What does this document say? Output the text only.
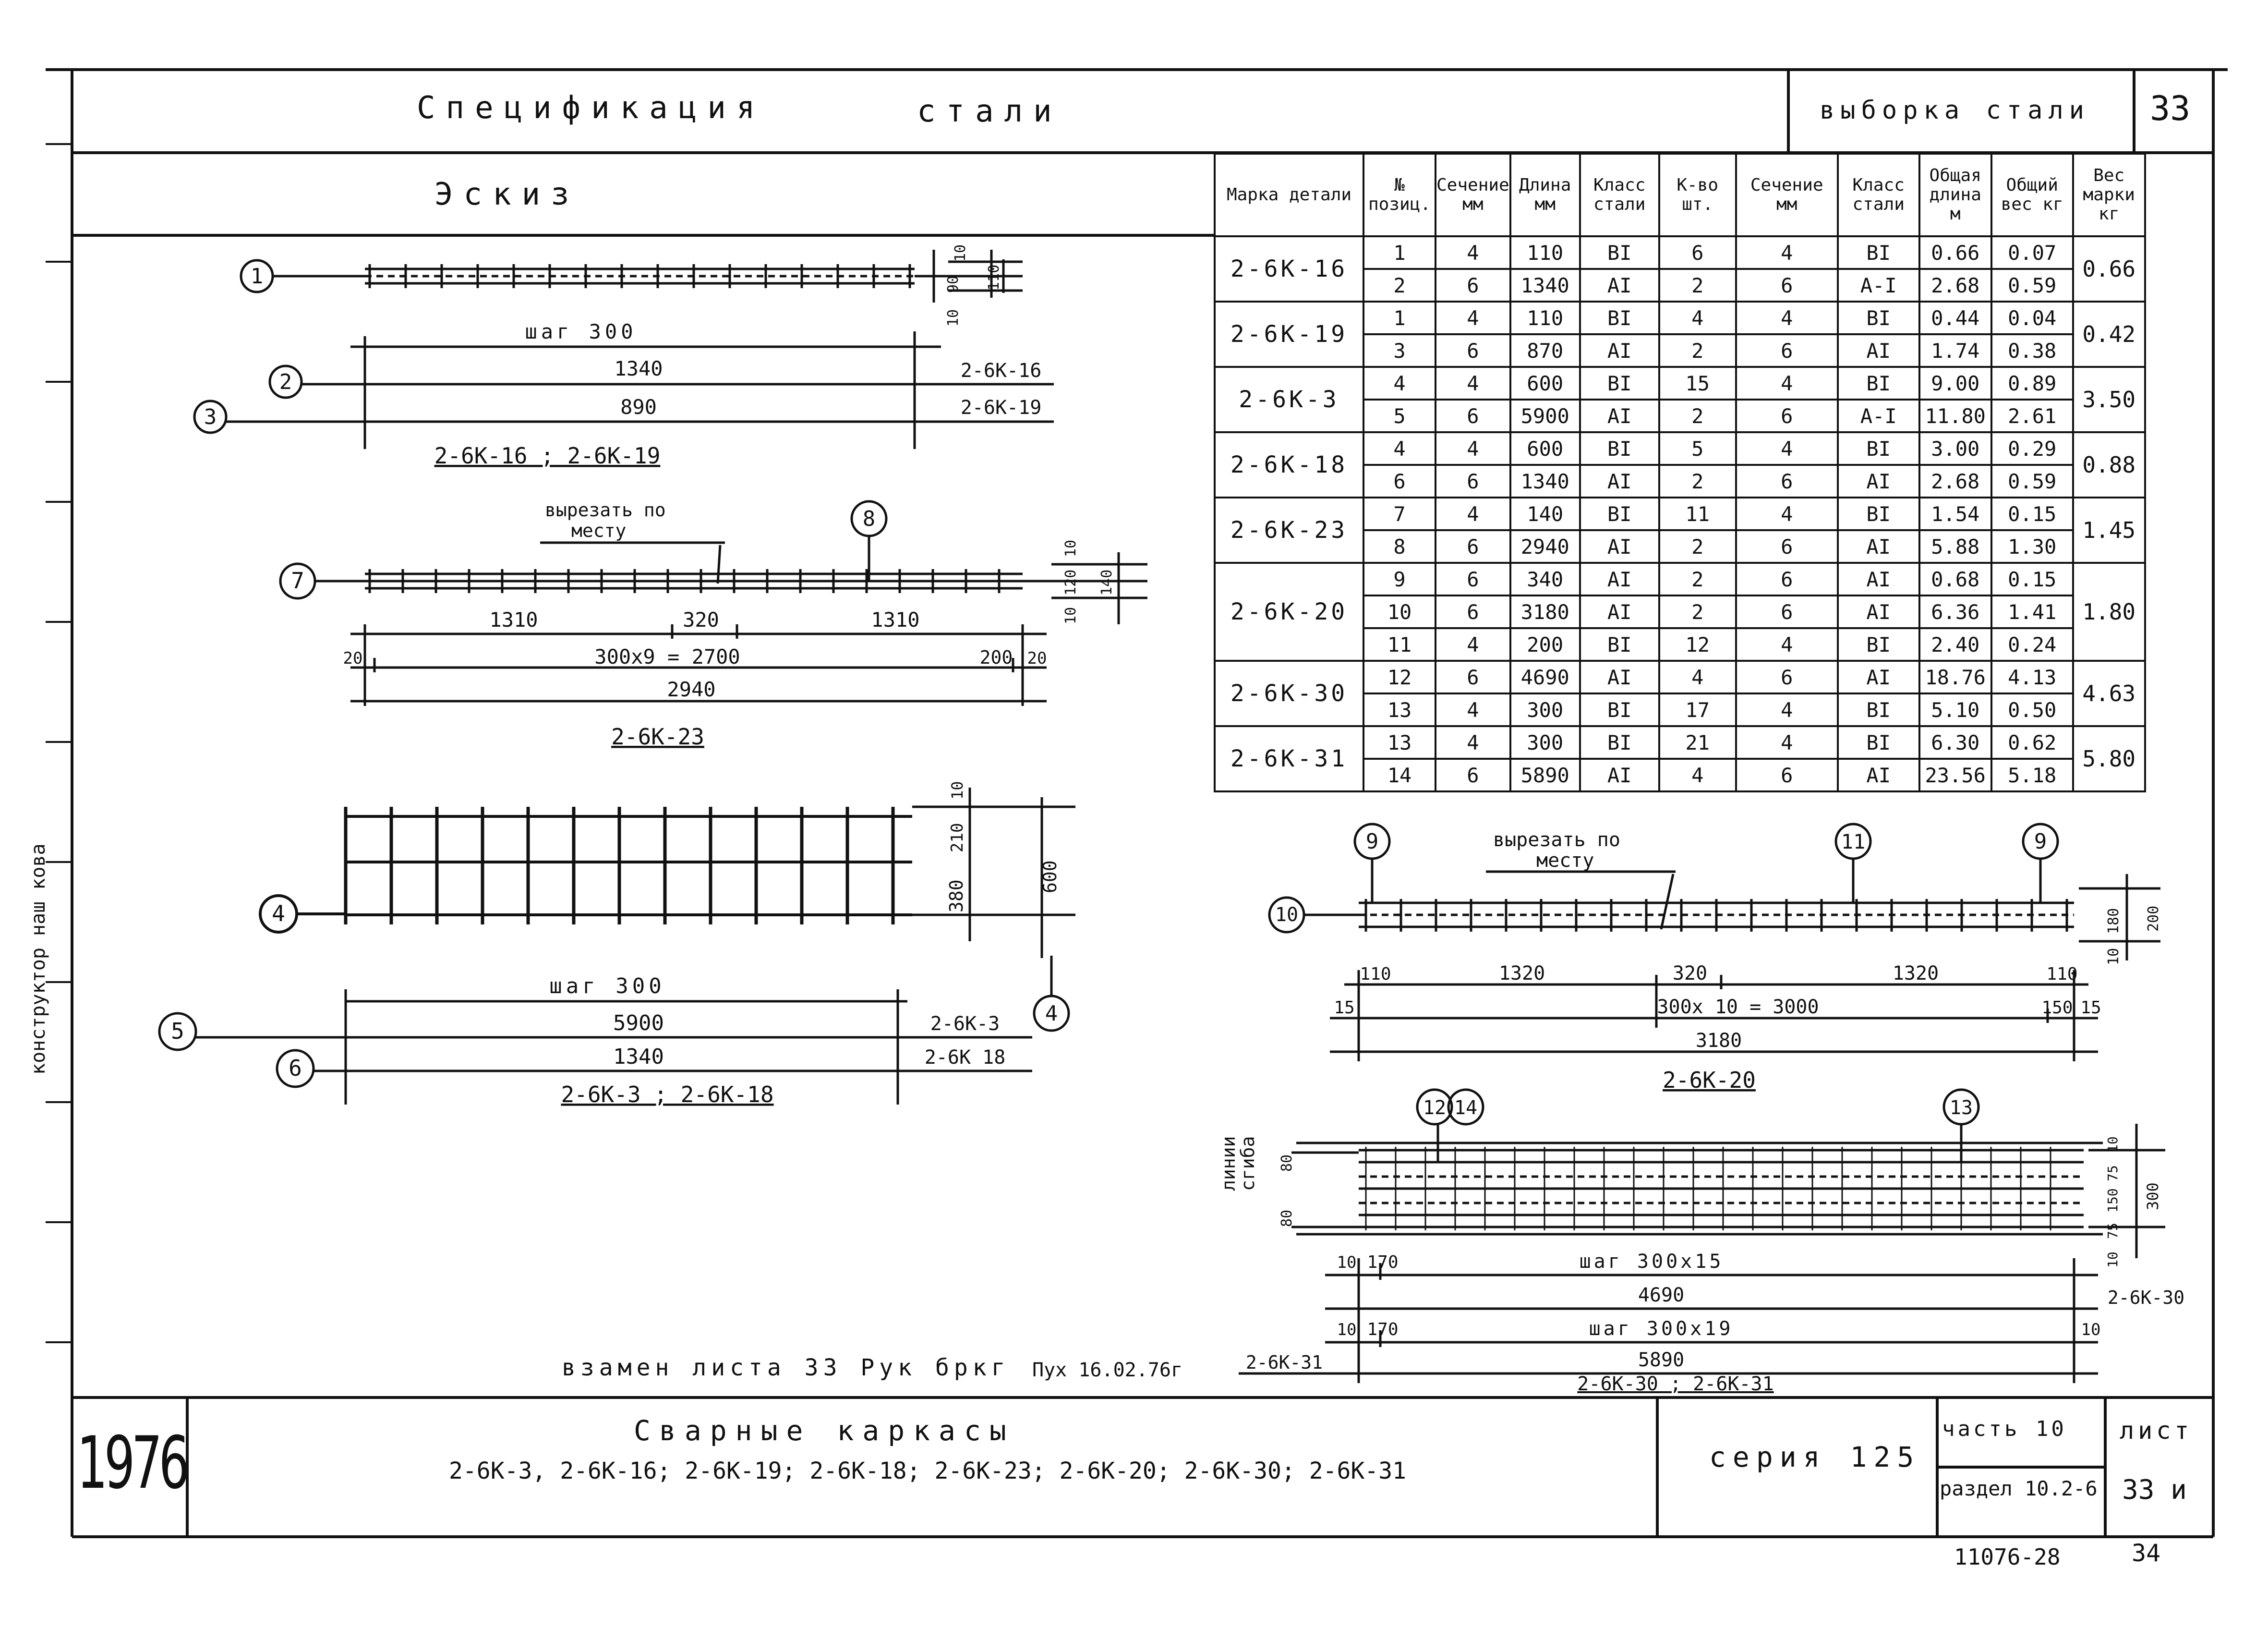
Спецификация	стали	выборка стали 33
Эскиз	Марка детали	№ позиц.	Сечение мм	Длина мм	Класс стали	К-во шт.	Сечение мм	Класс стали	Общая длина м	Общий вес кг	Вес марки кг
2-6К-16	1	4	110	ВI	6	4	ВI	0.66	0.07	0.66
	2	6	1340	АI	2	6	А-I	2.68	0.59	
2-6К-19	1	4	110	ВI	4	4	ВI	0.44	0.04	0.42
	3	6	870	АI	2	6	АI	1.74	0.38	
2-6К-3	4	4	600	ВI	15	4	ВI	9.00	0.89	3.50
	5	6	5900	АI	2	6	А-I	11.80	2.61	
2-6К-18	4	4	600	ВI	5	4	ВI	3.00	0.29	0.88
	6	6	1340	АI	2	6	АI	2.68	0.59	
2-6К-23	7	4	140	ВI	11	4	ВI	1.54	0.15	1.45
	8	6	2940	АI	2	6	АI	5.88	1.30	
2-6К-20	9	6	340	АI	2	6	АI	0.68	0.15	1.80
	10	6	3180	АI	2	6	АI	6.36	1.41	
	11	4	200	ВI	12	4	ВI	2.40	0.24	
2-6К-30	12	6	4690	АI	4	6	АI	18.76	4.13	4.63
	13	4	300	ВI	17	4	ВI	5.10	0.50	
2-6К-31	13	4	300	ВI	21	4	ВI	6.30	0.62	5.80
	14	6	5890	АI	4	6	АI	23.56	5.18	
1
2
3
шаг 300
1340
890
2-6К-16
2-6К-19
10
90
10
110
2-6К-16 ; 2-6К-19
7
8
вырезать по
месту
1310	320	1310
20	300х9 = 2700	200 20
2940
10
120 140
10
2-6К-23
4
4
5
6
шаг 300
5900
1340
2-6К-3
2-6К 18
10
210
380
600
2-6К-3 ; 2-6К-18
9	11	9
10
вырезать по
месту
110	1320	320	1320	110
15	300х 10 = 3000	150 15
3180
10
180 200
2-6К-20
линии
сгиба
12 14	13
80
80
10 170	шаг 300х15
4690	2-6К-30
10 170	шаг 300х19	10
5890
2-6К-31
10
75
150
75
10
300
2-6К-30 ; 2-6К-31
взамен листа 33 Рук бркг Пух 16.02.76г
конструктор наш кова
1976	Сварные каркасы
2-6К-3, 2-6К-16; 2-6К-19; 2-6К-18; 2-6К-23; 2-6К-20; 2-6К-30; 2-6К-31	серия 125
часть 10
раздел 10.2-6
лист
33 и
11076-28	34
